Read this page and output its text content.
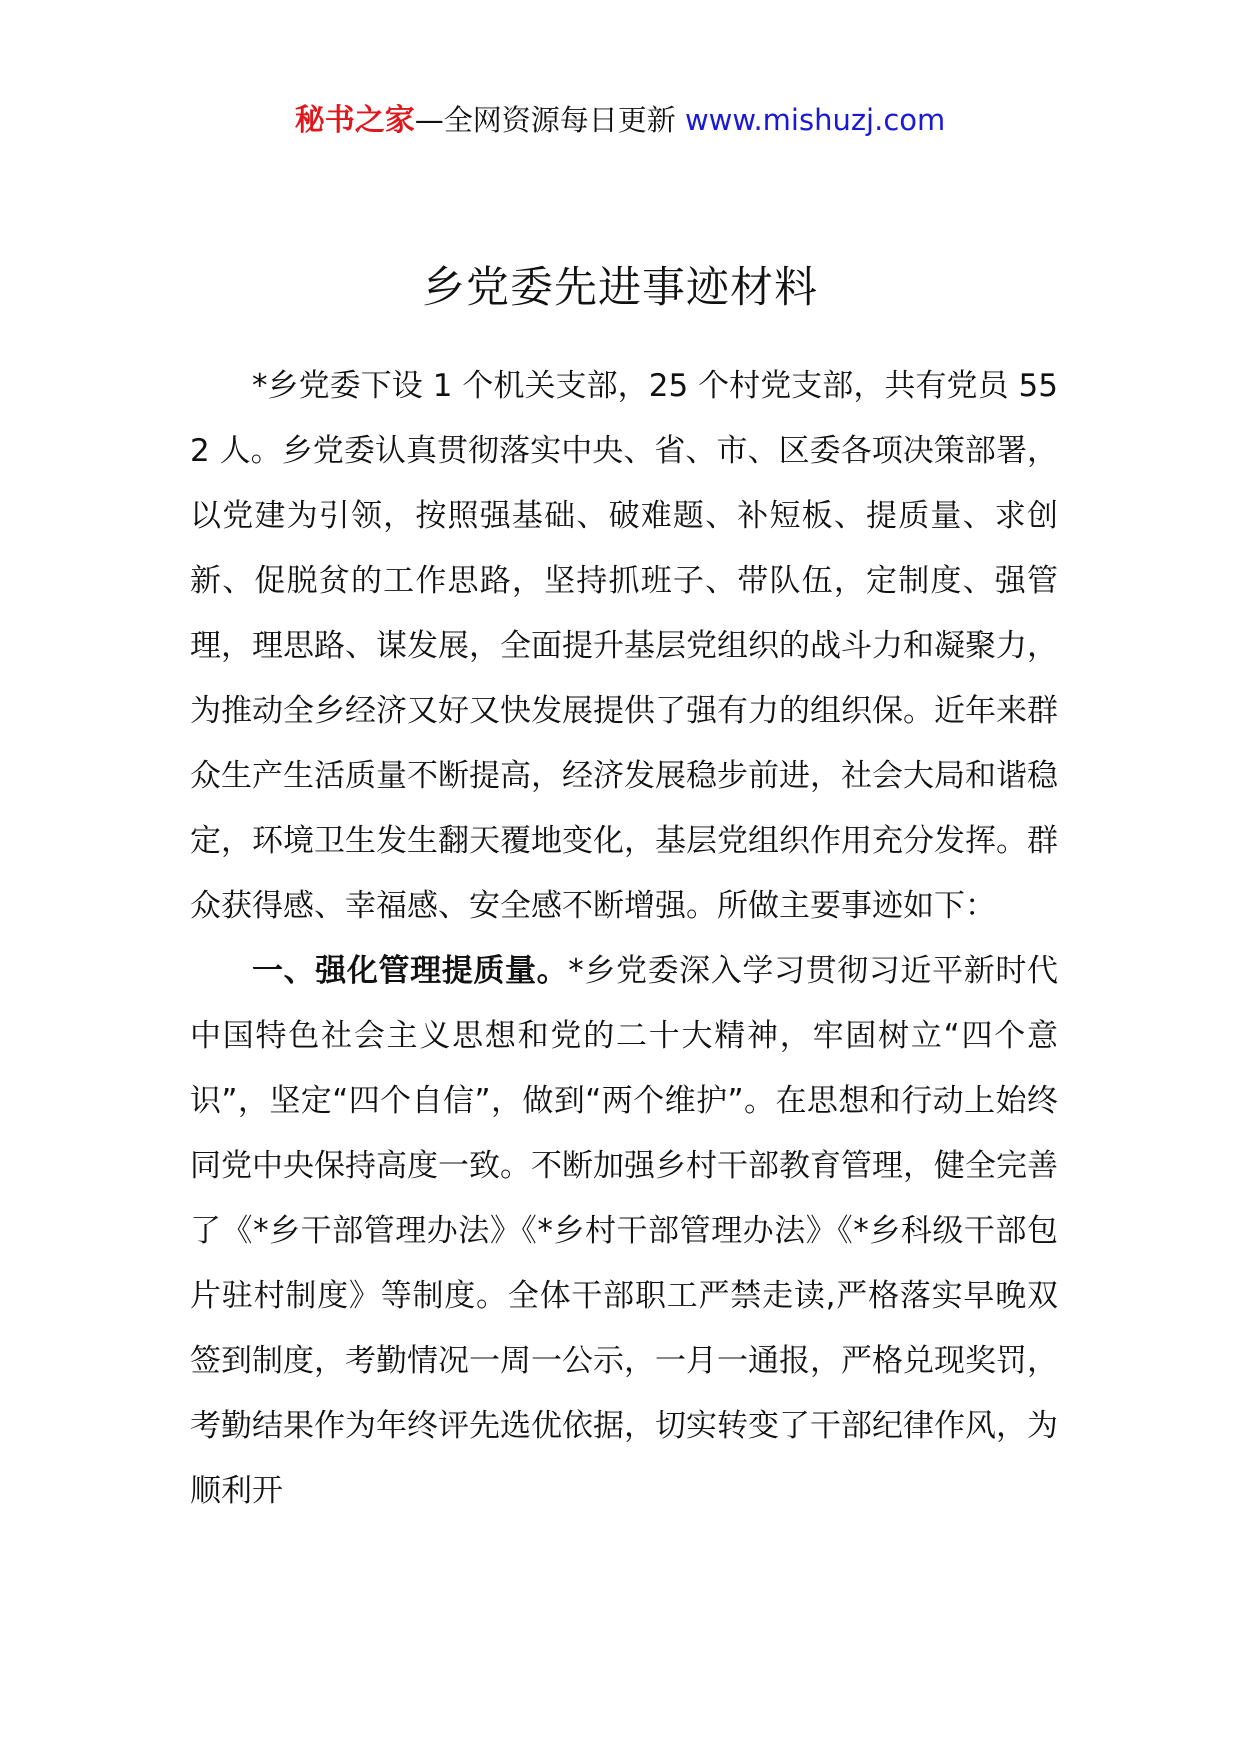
秘书之家—全网资源每日更新 www.mishuzj.com
乡党委先进事迹材料

*乡党委下设 1 个机关支部，25 个村党支部，共有党员 552 人。乡党委认真贯彻落实中央、省、市、区委各项决策部署，以党建为引领，按照强基础、破难题、补短板、提质量、求创新、促脱贫的工作思路，坚持抓班子、带队伍，定制度、强管理，理思路、谋发展，全面提升基层党组织的战斗力和凝聚力，为推动全乡经济又好又快发展提供了强有力的组织保。近年来群众生产生活质量不断提高，经济发展稳步前进，社会大局和谐稳定，环境卫生发生翻天覆地变化，基层党组织作用充分发挥。群众获得感、幸福感、安全感不断增强。所做主要事迹如下：

一、强化管理提质量。*乡党委深入学习贯彻习近平新时代中国特色社会主义思想和党的二十大精神，牢固树立“四个意识”，坚定“四个自信”，做到“两个维护”。在思想和行动上始终同党中央保持高度一致。不断加强乡村干部教育管理，健全完善了《*乡干部管理办法》《*乡村干部管理办法》《*乡科级干部包片驻村制度》等制度。全体干部职工严禁走读,严格落实早晚双签到制度，考勤情况一周一公示，一月一通报，严格兑现奖罚，考勤结果作为年终评先选优依据，切实转变了干部纪律作风，为顺利开
